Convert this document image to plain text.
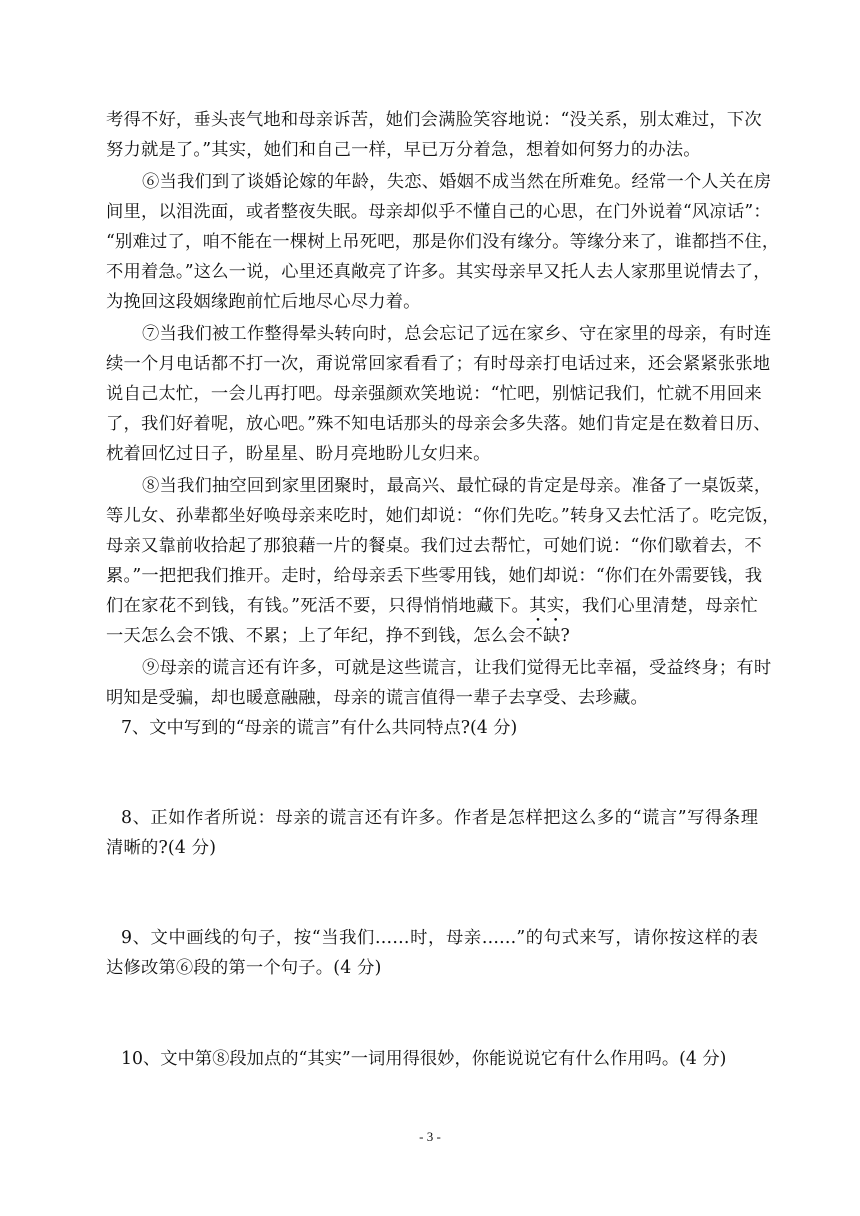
考得不好，垂头丧气地和母亲诉苦，她们会满脸笑容地说：“没关系，别太难过，下次
努力就是了。”其实，她们和自己一样，早已万分着急，想着如何努力的办法。
⑥当我们到了谈婚论嫁的年龄，失恋、婚姻不成当然在所难免。经常一个人关在房
间里，以泪洗面，或者整夜失眠。母亲却似乎不懂自己的心思，在门外说着“风凉话”：
“别难过了，咱不能在一棵树上吊死吧，那是你们没有缘分。等缘分来了，谁都挡不住，
不用着急。”这么一说，心里还真敞亮了许多。其实母亲早又托人去人家那里说情去了，
为挽回这段姻缘跑前忙后地尽心尽力着。
⑦当我们被工作整得晕头转向时，总会忘记了远在家乡、守在家里的母亲，有时连
续一个月电话都不打一次，甭说常回家看看了；有时母亲打电话过来，还会紧紧张张地
说自己太忙，一会儿再打吧。母亲强颜欢笑地说：“忙吧，别惦记我们，忙就不用回来
了，我们好着呢，放心吧。”殊不知电话那头的母亲会多失落。她们肯定是在数着日历、
枕着回忆过日子，盼星星、盼月亮地盼儿女归来。
⑧当我们抽空回到家里团聚时，最高兴、最忙碌的肯定是母亲。准备了一桌饭菜，
等儿女、孙辈都坐好唤母亲来吃时，她们却说：“你们先吃。”转身又去忙活了。吃完饭，
母亲又靠前收拾起了那狼藉一片的餐桌。我们过去帮忙，可她们说：“你们歇着去，不
累。”一把把我们推开。走时，给母亲丢下些零用钱，她们却说：“你们在外需要钱，我
们在家花不到钱，有钱。”死活不要，只得悄悄地藏下。其实，我们心里清楚，母亲忙
一天怎么会不饿、不累；上了年纪，挣不到钱，怎么会不缺?
⑨母亲的谎言还有许多，可就是这些谎言，让我们觉得无比幸福，受益终身；有时
明知是受骗，却也暖意融融，母亲的谎言值得一辈子去享受、去珍藏。
7、文中写到的“母亲的谎言”有什么共同特点?(4 分)
8、正如作者所说：母亲的谎言还有许多。作者是怎样把这么多的“谎言”写得条理
清晰的?(4 分)
9、文中画线的句子，按“当我们……时，母亲……”的句式来写，请你按这样的表
达修改第⑥段的第一个句子。(4 分)
10、文中第⑧段加点的“其实”一词用得很妙，你能说说它有什么作用吗。(4 分)
- 3 -
